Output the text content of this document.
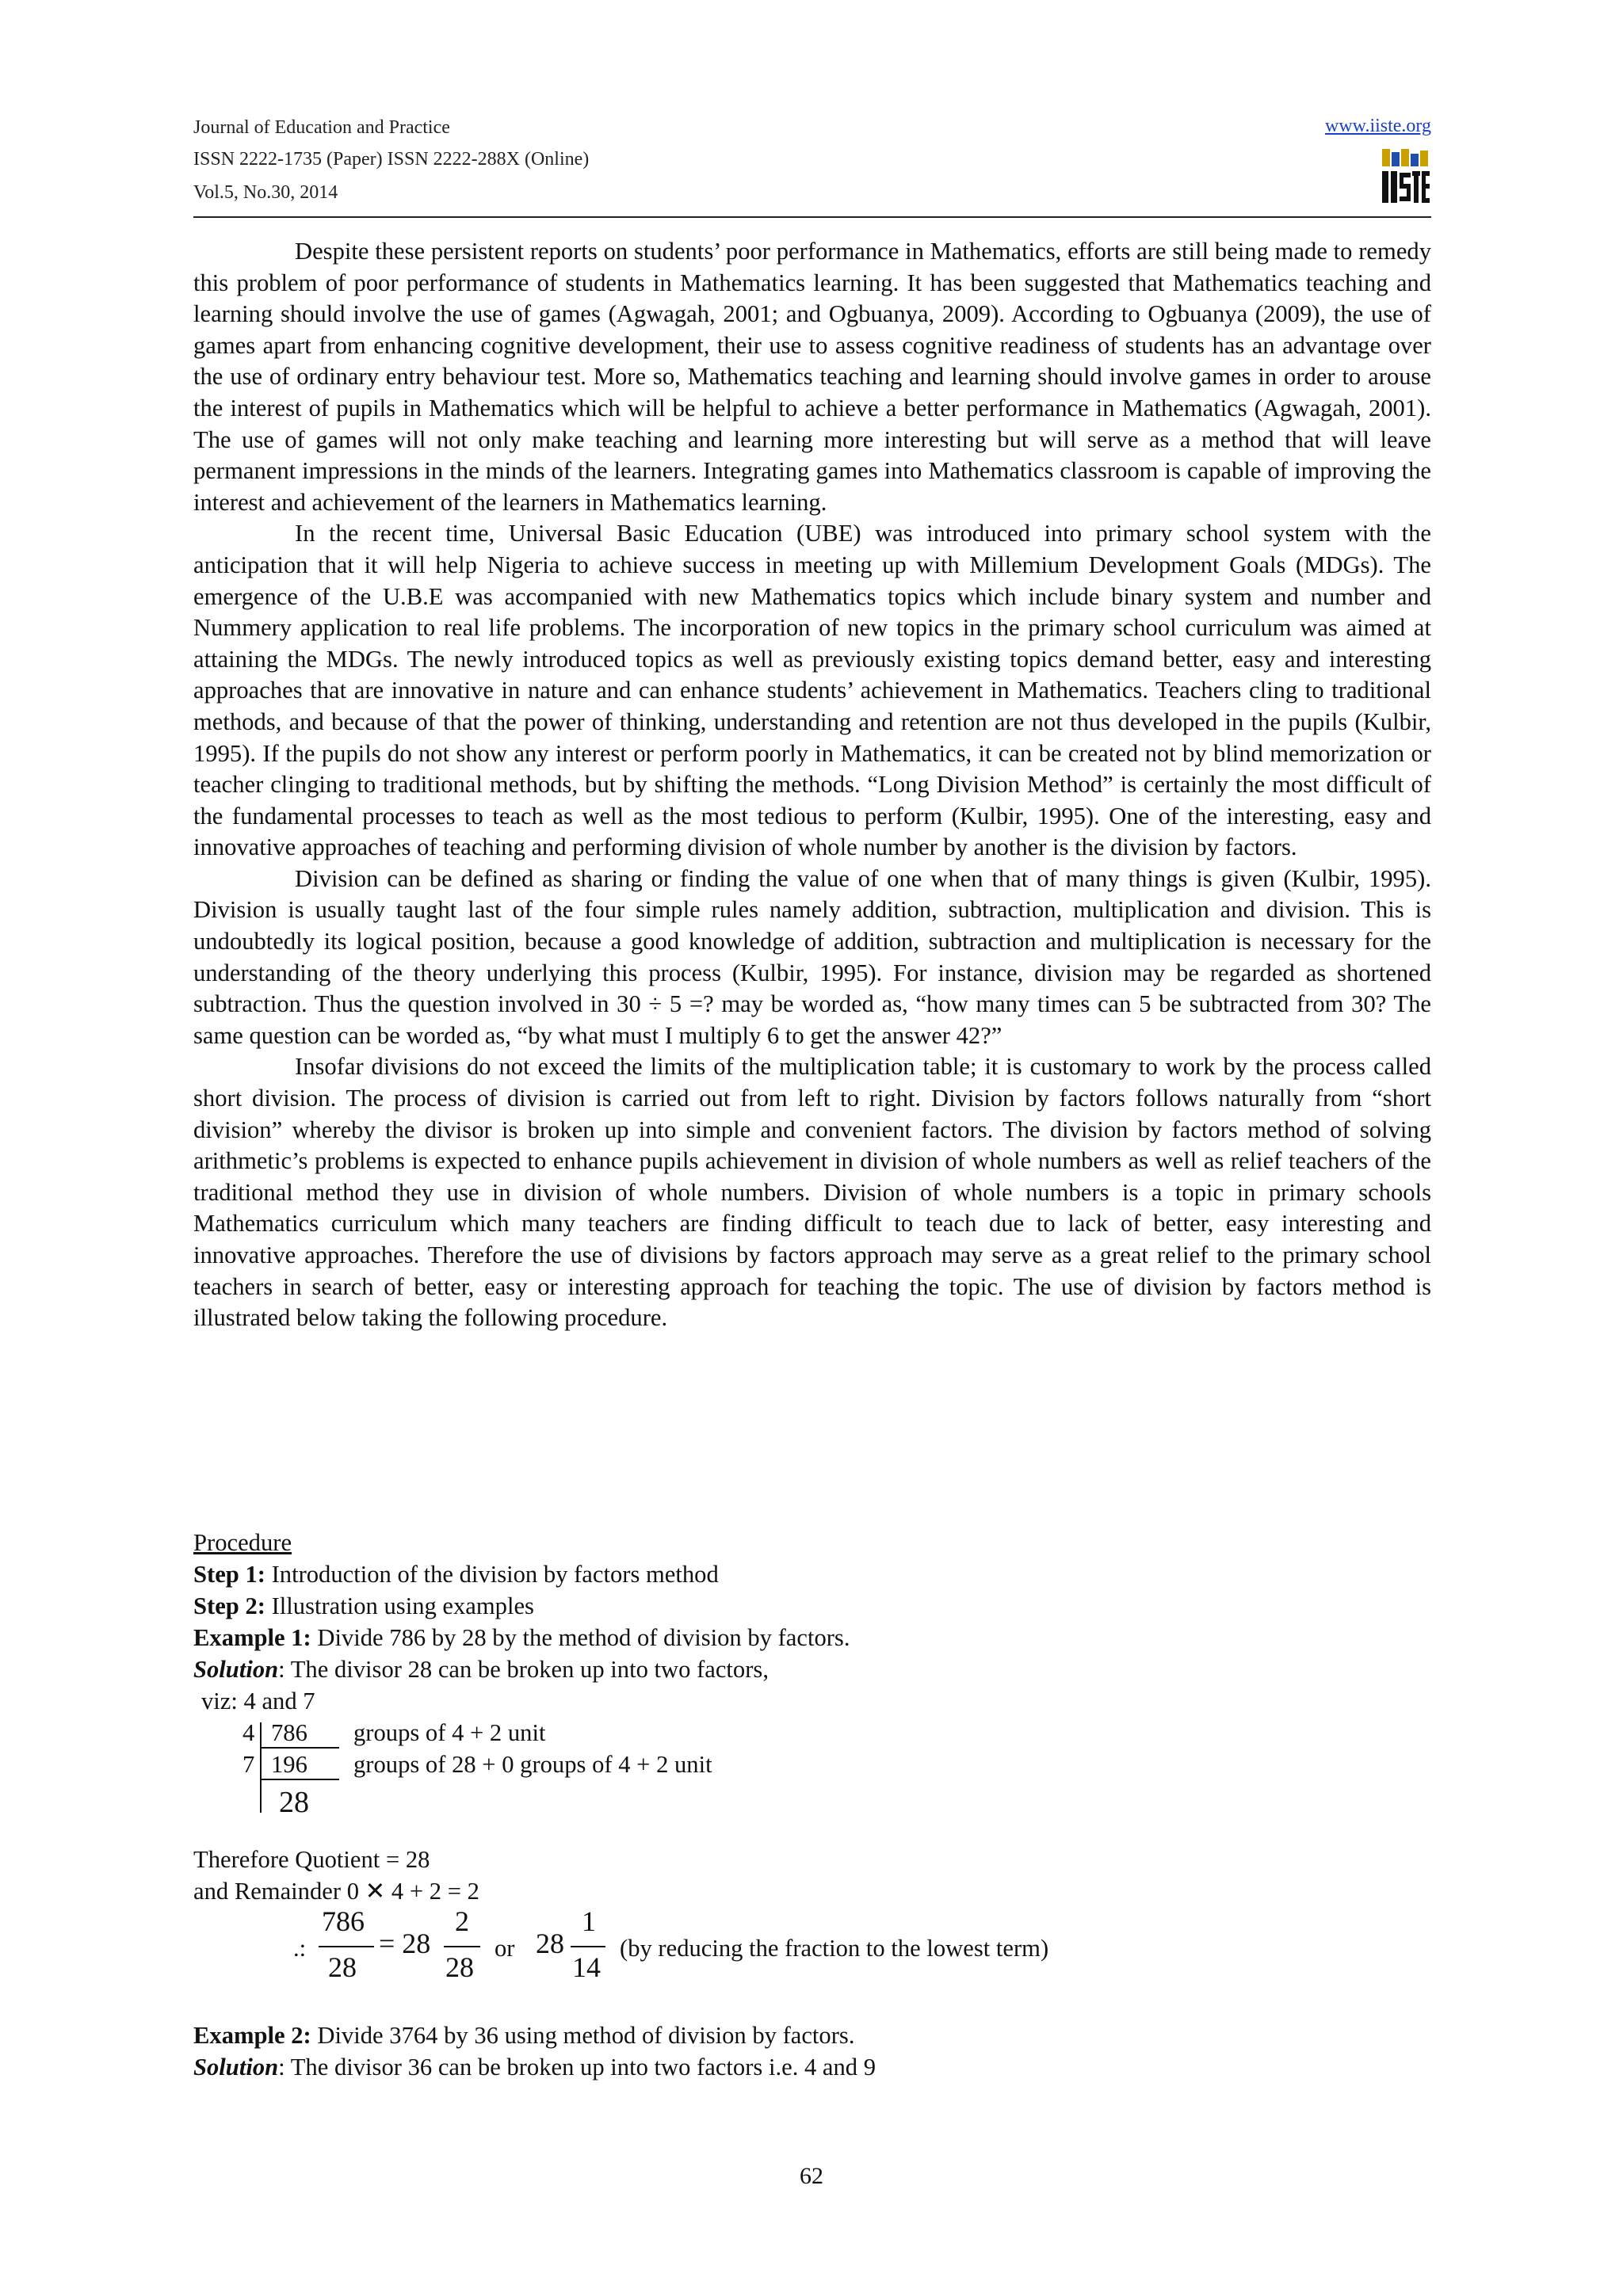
Journal of Education and Practice
ISSN 2222-1735 (Paper) ISSN 2222-288X (Online)
Vol.5, No.30, 2014
www.iiste.org

Despite these persistent reports on students’ poor performance in Mathematics, efforts are still being made to remedy this problem of poor performance of students in Mathematics learning. It has been suggested that Mathematics teaching and learning should involve the use of games (Agwagah, 2001; and Ogbuanya, 2009). According to Ogbuanya (2009), the use of games apart from enhancing cognitive development, their use to assess cognitive readiness of students has an advantage over the use of ordinary entry behaviour test. More so, Mathematics teaching and learning should involve games in order to arouse the interest of pupils in Mathematics which will be helpful to achieve a better performance in Mathematics (Agwagah, 2001). The use of games will not only make teaching and learning more interesting but will serve as a method that will leave permanent impressions in the minds of the learners. Integrating games into Mathematics classroom is capable of improving the interest and achievement of the learners in Mathematics learning.

In the recent time, Universal Basic Education (UBE) was introduced into primary school system with the anticipation that it will help Nigeria to achieve success in meeting up with Millemium Development Goals (MDGs). The emergence of the U.B.E was accompanied with new Mathematics topics which include binary system and number and Nummery application to real life problems. The incorporation of new topics in the primary school curriculum was aimed at attaining the MDGs. The newly introduced topics as well as previously existing topics demand better, easy and interesting approaches that are innovative in nature and can enhance students’ achievement in Mathematics. Teachers cling to traditional methods, and because of that the power of thinking, understanding and retention are not thus developed in the pupils (Kulbir, 1995). If the pupils do not show any interest or perform poorly in Mathematics, it can be created not by blind memorization or teacher clinging to traditional methods, but by shifting the methods. “Long Division Method” is certainly the most difficult of the fundamental processes to teach as well as the most tedious to perform (Kulbir, 1995). One of the interesting, easy and innovative approaches of teaching and performing division of whole number by another is the division by factors.

Division can be defined as sharing or finding the value of one when that of many things is given (Kulbir, 1995). Division is usually taught last of the four simple rules namely addition, subtraction, multiplication and division. This is undoubtedly its logical position, because a good knowledge of addition, subtraction and multiplication is necessary for the understanding of the theory underlying this process (Kulbir, 1995). For instance, division may be regarded as shortened subtraction. Thus the question involved in 30 ÷ 5 =? may be worded as, “how many times can 5 be subtracted from 30? The same question can be worded as, “by what must I multiply 6 to get the answer 42?”

Insofar divisions do not exceed the limits of the multiplication table; it is customary to work by the process called short division. The process of division is carried out from left to right. Division by factors follows naturally from “short division” whereby the divisor is broken up into simple and convenient factors. The division by factors method of solving arithmetic’s problems is expected to enhance pupils achievement in division of whole numbers as well as relief teachers of the traditional method they use in division of whole numbers. Division of whole numbers is a topic in primary schools Mathematics curriculum which many teachers are finding difficult to teach due to lack of better, easy interesting and innovative approaches. Therefore the use of divisions by factors approach may serve as a great relief to the primary school teachers in search of better, easy or interesting approach for teaching the topic. The use of division by factors method is illustrated below taking the following procedure.

Procedure
Step 1: Introduction of the division by factors method
Step 2: Illustration using examples
Example 1: Divide 786 by 28 by the method of division by factors.
Solution: The divisor 28 can be broken up into two factors,
viz: 4 and 7
4 786 groups of 4 + 2 unit
7 196 groups of 28 + 0 groups of 4 + 2 unit
28
Therefore Quotient = 28
and Remainder 0 ✕ 4 + 2 = 2
.:
786
28
= 28
2
28
or 28
1
14
(by reducing the fraction to the lowest term)
Example 2: Divide 3764 by 36 using method of division by factors.
Solution: The divisor 36 can be broken up into two factors i.e. 4 and 9
62
